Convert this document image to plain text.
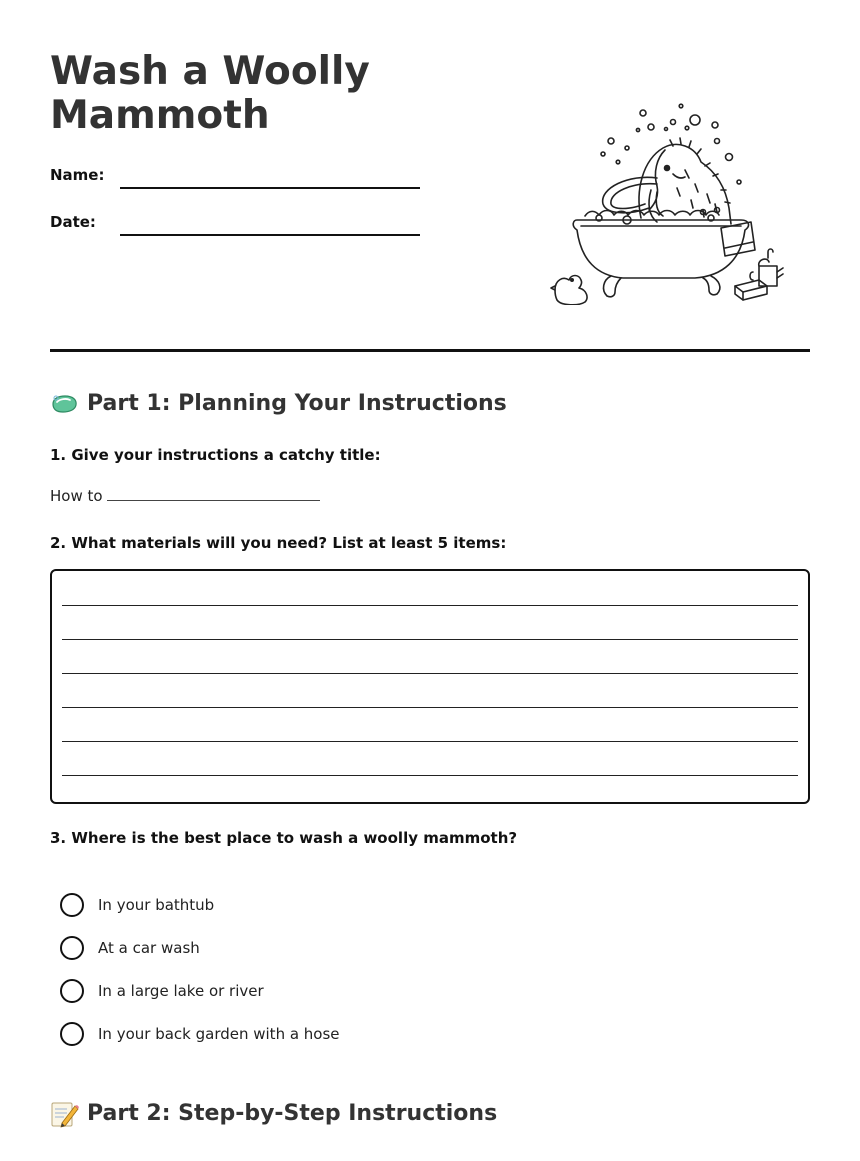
Wash a Woolly Mammoth
Name:
Date:
Part 1: Planning Your Instructions

1. Give your instructions a catchy title:

How to

2. What materials will you need? List at least 5 items:

3. Where is the best place to wash a woolly mammoth?

In your bathtub
At a car wash
In a large lake or river
In your back garden with a hose
Part 2: Step-by-Step Instructions
